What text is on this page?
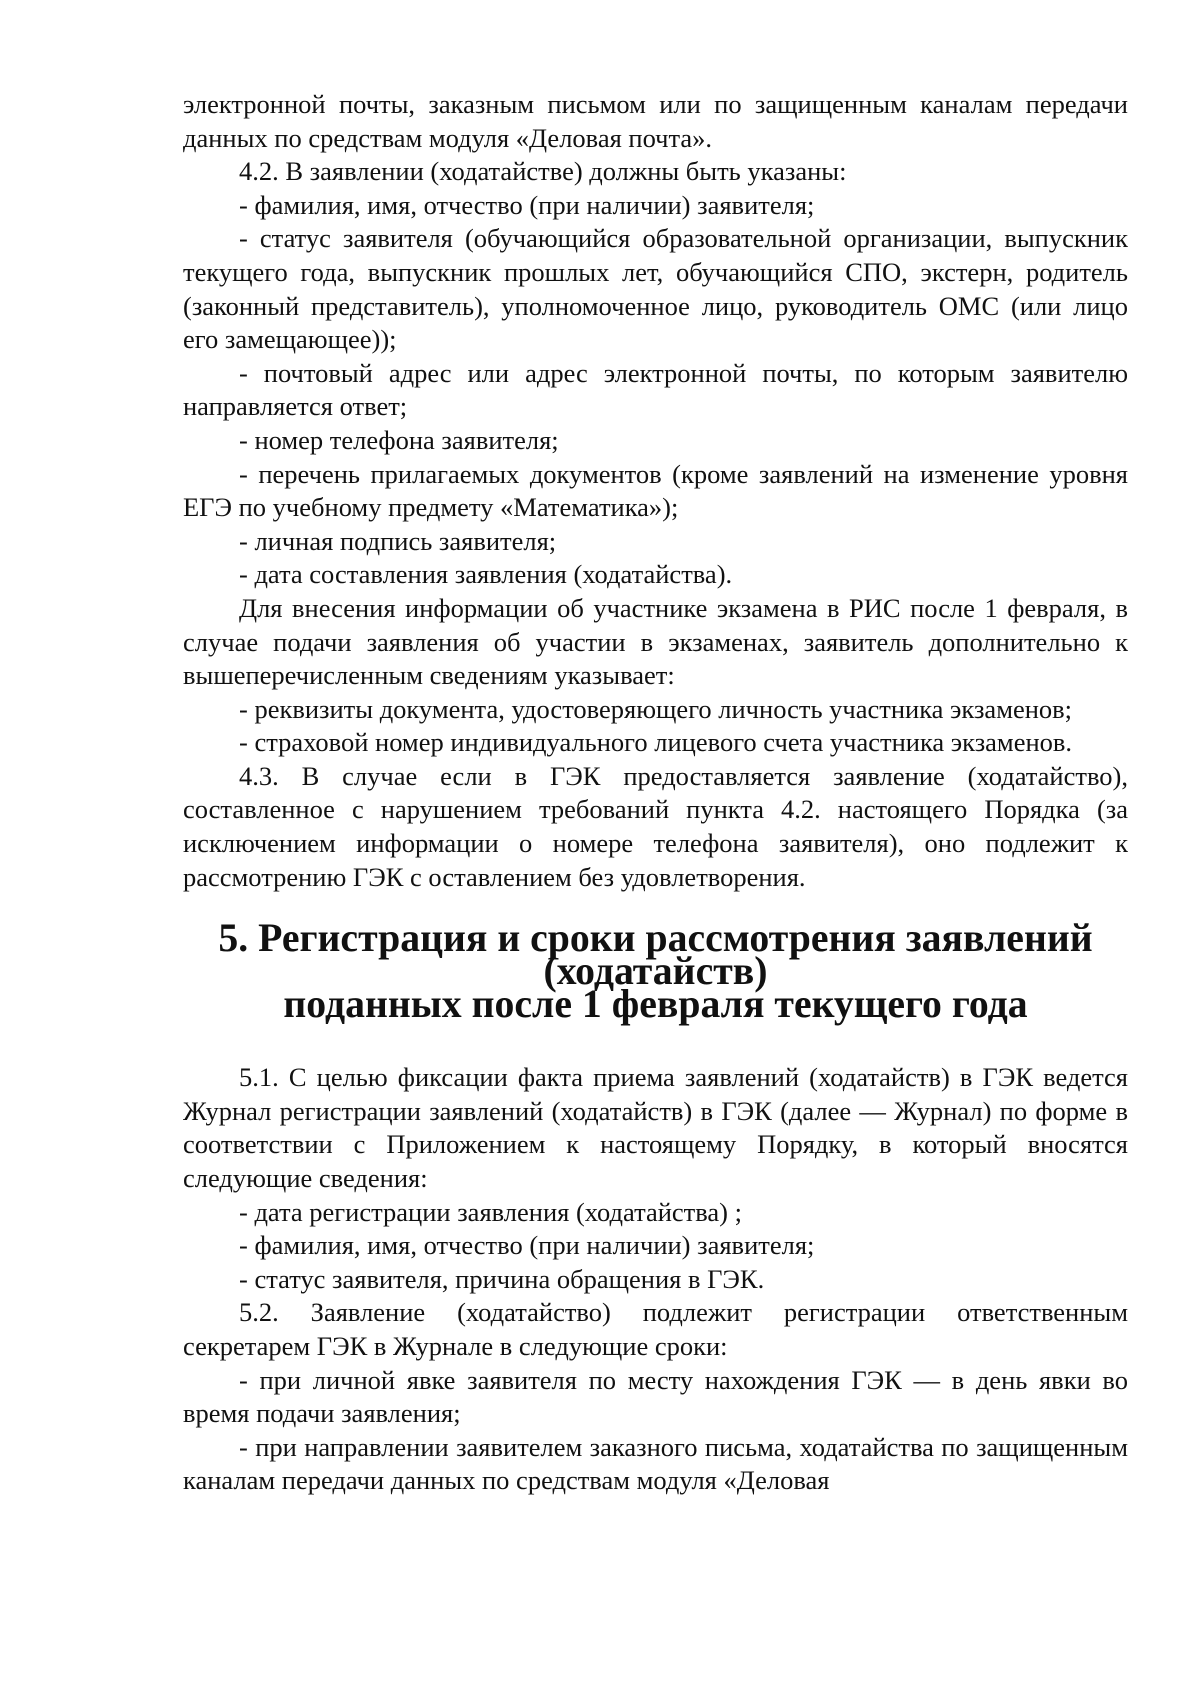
электронной почты, заказным письмом или по защищенным каналам передачи данных по средствам модуля «Деловая почта».

4.2. В заявлении (ходатайстве) должны быть указаны:

- фамилия, имя, отчество (при наличии) заявителя;

- статус заявителя (обучающийся образовательной организации, выпускник текущего года, выпускник прошлых лет, обучающийся СПО, экстерн, родитель (законный представитель), уполномоченное лицо, руководитель ОМС (или лицо его замещающее));

- почтовый адрес или адрес электронной почты, по которым заявителю направляется ответ;

- номер телефона заявителя;

- перечень прилагаемых документов (кроме заявлений на изменение уровня ЕГЭ по учебному предмету «Математика»);

- личная подпись заявителя;

- дата составления заявления (ходатайства).

Для внесения информации об участнике экзамена в РИС после 1 февраля, в случае подачи заявления об участии в экзаменах, заявитель дополнительно к вышеперечисленным сведениям указывает:

- реквизиты документа, удостоверяющего личность участника экзаменов;

- страховой номер индивидуального лицевого счета участника экзаменов.

4.3. В случае если в ГЭК предоставляется заявление (ходатайство), составленное с нарушением требований пункта 4.2. настоящего Порядка (за исключением информации о номере телефона заявителя), оно подлежит к рассмотрению ГЭК с оставлением без удовлетворения.

5. Регистрация и сроки рассмотрения заявлений (ходатайств)
поданных после 1 февраля текущего года

5.1. С целью фиксации факта приема заявлений (ходатайств) в ГЭК ведется Журнал регистрации заявлений (ходатайств) в ГЭК (далее — Журнал) по форме в соответствии с Приложением к настоящему Порядку, в который вносятся следующие сведения:

- дата регистрации заявления (ходатайства) ;

- фамилия, имя, отчество (при наличии) заявителя;

- статус заявителя, причина обращения в ГЭК.

5.2. Заявление (ходатайство) подлежит регистрации ответственным секретарем ГЭК в Журнале в следующие сроки:

- при личной явке заявителя по месту нахождения ГЭК — в день явки во время подачи заявления;

- при направлении заявителем заказного письма, ходатайства по защищенным каналам передачи данных по средствам модуля «Деловая
